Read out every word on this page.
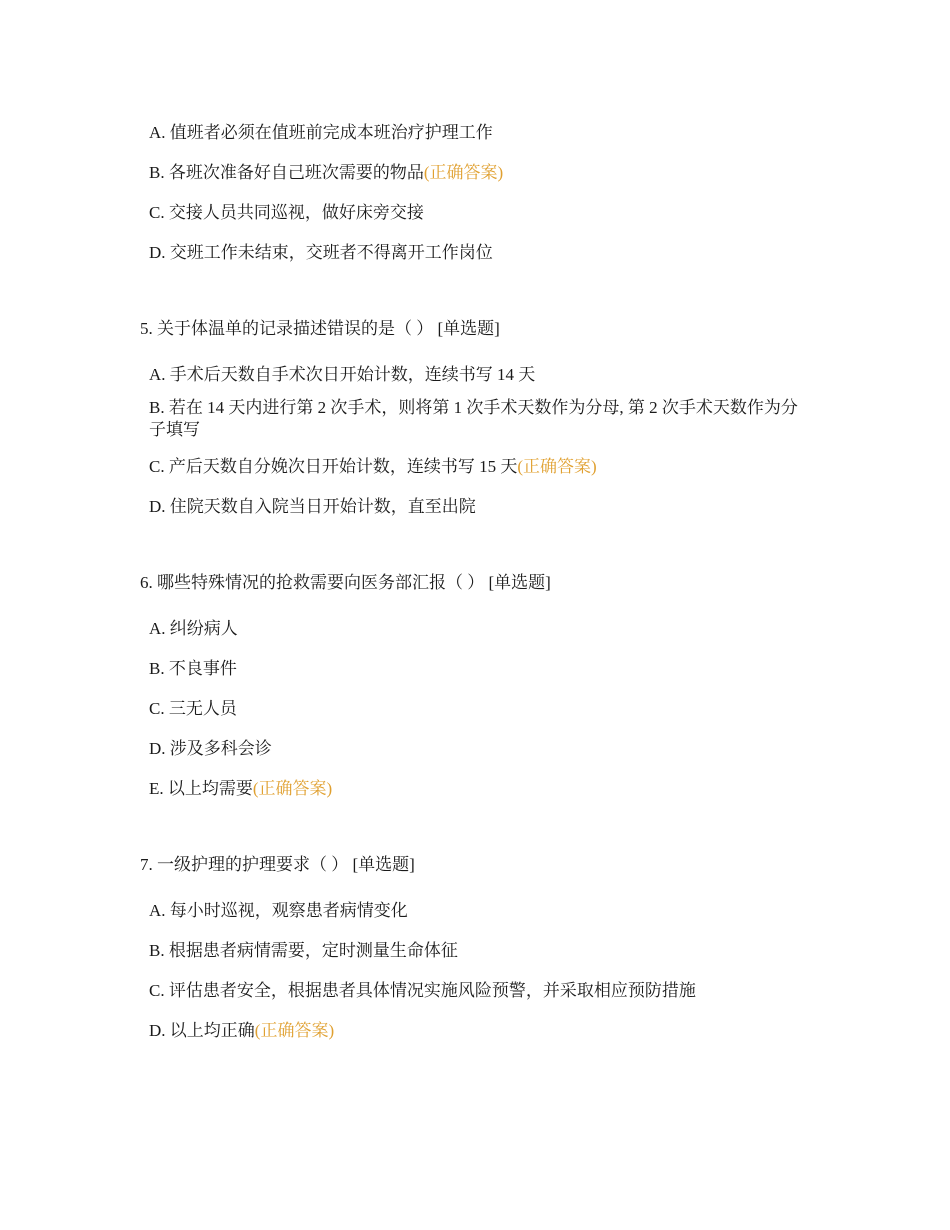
A. 值班者必须在值班前完成本班治疗护理工作
B. 各班次准备好自己班次需要的物品(正确答案)
C. 交接人员共同巡视，做好床旁交接
D. 交班工作未结束，交班者不得离开工作岗位
5. 关于体温单的记录描述错误的是（ ） [单选题]
A. 手术后天数自手术次日开始计数，连续书写 14 天
B. 若在 14 天内进行第 2 次手术，则将第 1 次手术天数作为分母, 第 2 次手术天数作为分子填写
C. 产后天数自分娩次日开始计数，连续书写 15 天(正确答案)
D. 住院天数自入院当日开始计数，直至出院
6. 哪些特殊情况的抢救需要向医务部汇报（ ） [单选题]
A. 纠纷病人
B. 不良事件
C. 三无人员
D. 涉及多科会诊
E. 以上均需要(正确答案)
7. 一级护理的护理要求（ ） [单选题]
A. 每小时巡视，观察患者病情变化
B. 根据患者病情需要，定时测量生命体征
C. 评估患者安全，根据患者具体情况实施风险预警，并采取相应预防措施
D. 以上均正确(正确答案)
